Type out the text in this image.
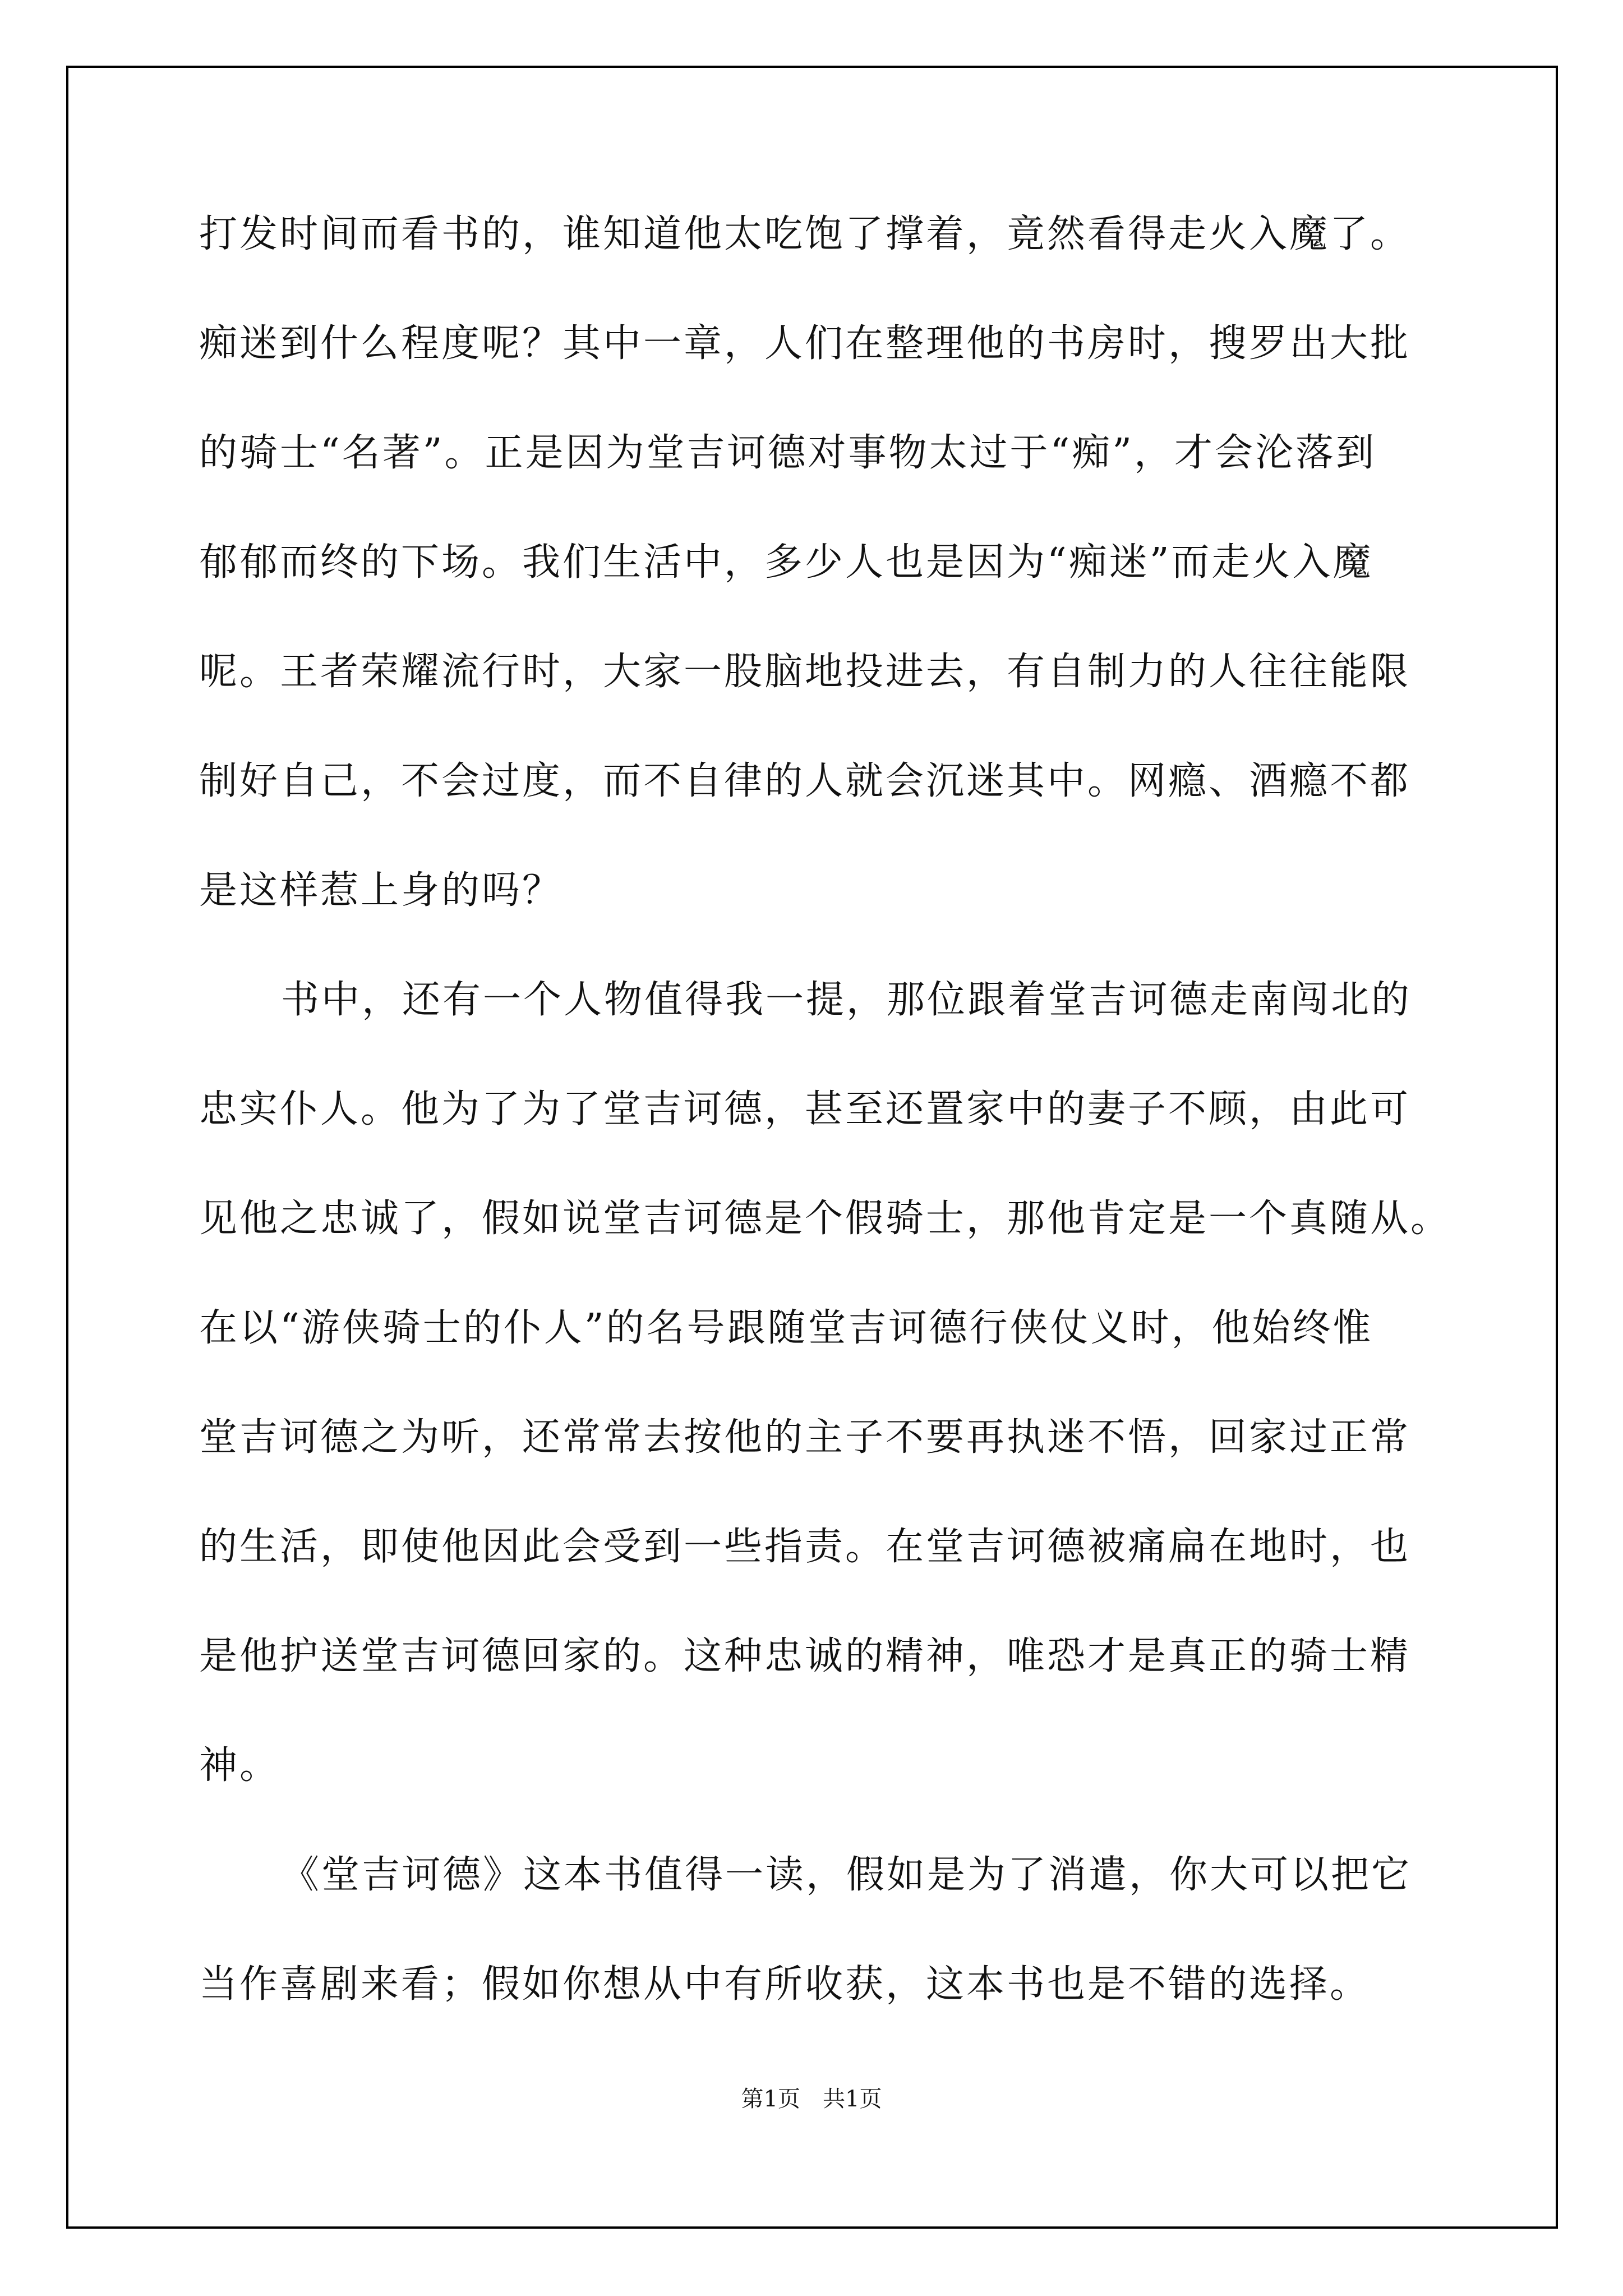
打发时间而看书的，谁知道他太吃饱了撑着，竟然看得走火入魔了。
痴迷到什么程度呢？其中一章，人们在整理他的书房时，搜罗出大批
的骑士“名著”。正是因为堂吉诃德对事物太过于“痴”，才会沦落到
郁郁而终的下场。我们生活中，多少人也是因为“痴迷”而走火入魔
呢。王者荣耀流行时，大家一股脑地投进去，有自制力的人往往能限
制好自己，不会过度，而不自律的人就会沉迷其中。网瘾、酒瘾不都
是这样惹上身的吗？
书中，还有一个人物值得我一提，那位跟着堂吉诃德走南闯北的
忠实仆人。他为了为了堂吉诃德，甚至还置家中的妻子不顾，由此可
见他之忠诚了，假如说堂吉诃德是个假骑士，那他肯定是一个真随从。
在以“游侠骑士的仆人”的名号跟随堂吉诃德行侠仗义时，他始终惟
堂吉诃德之为听，还常常去按他的主子不要再执迷不悟，回家过正常
的生活，即使他因此会受到一些指责。在堂吉诃德被痛扁在地时，也
是他护送堂吉诃德回家的。这种忠诚的精神，唯恐才是真正的骑士精
神。
《堂吉诃德》这本书值得一读，假如是为了消遣，你大可以把它
当作喜剧来看；假如你想从中有所收获，这本书也是不错的选择。
第1页　共1页
